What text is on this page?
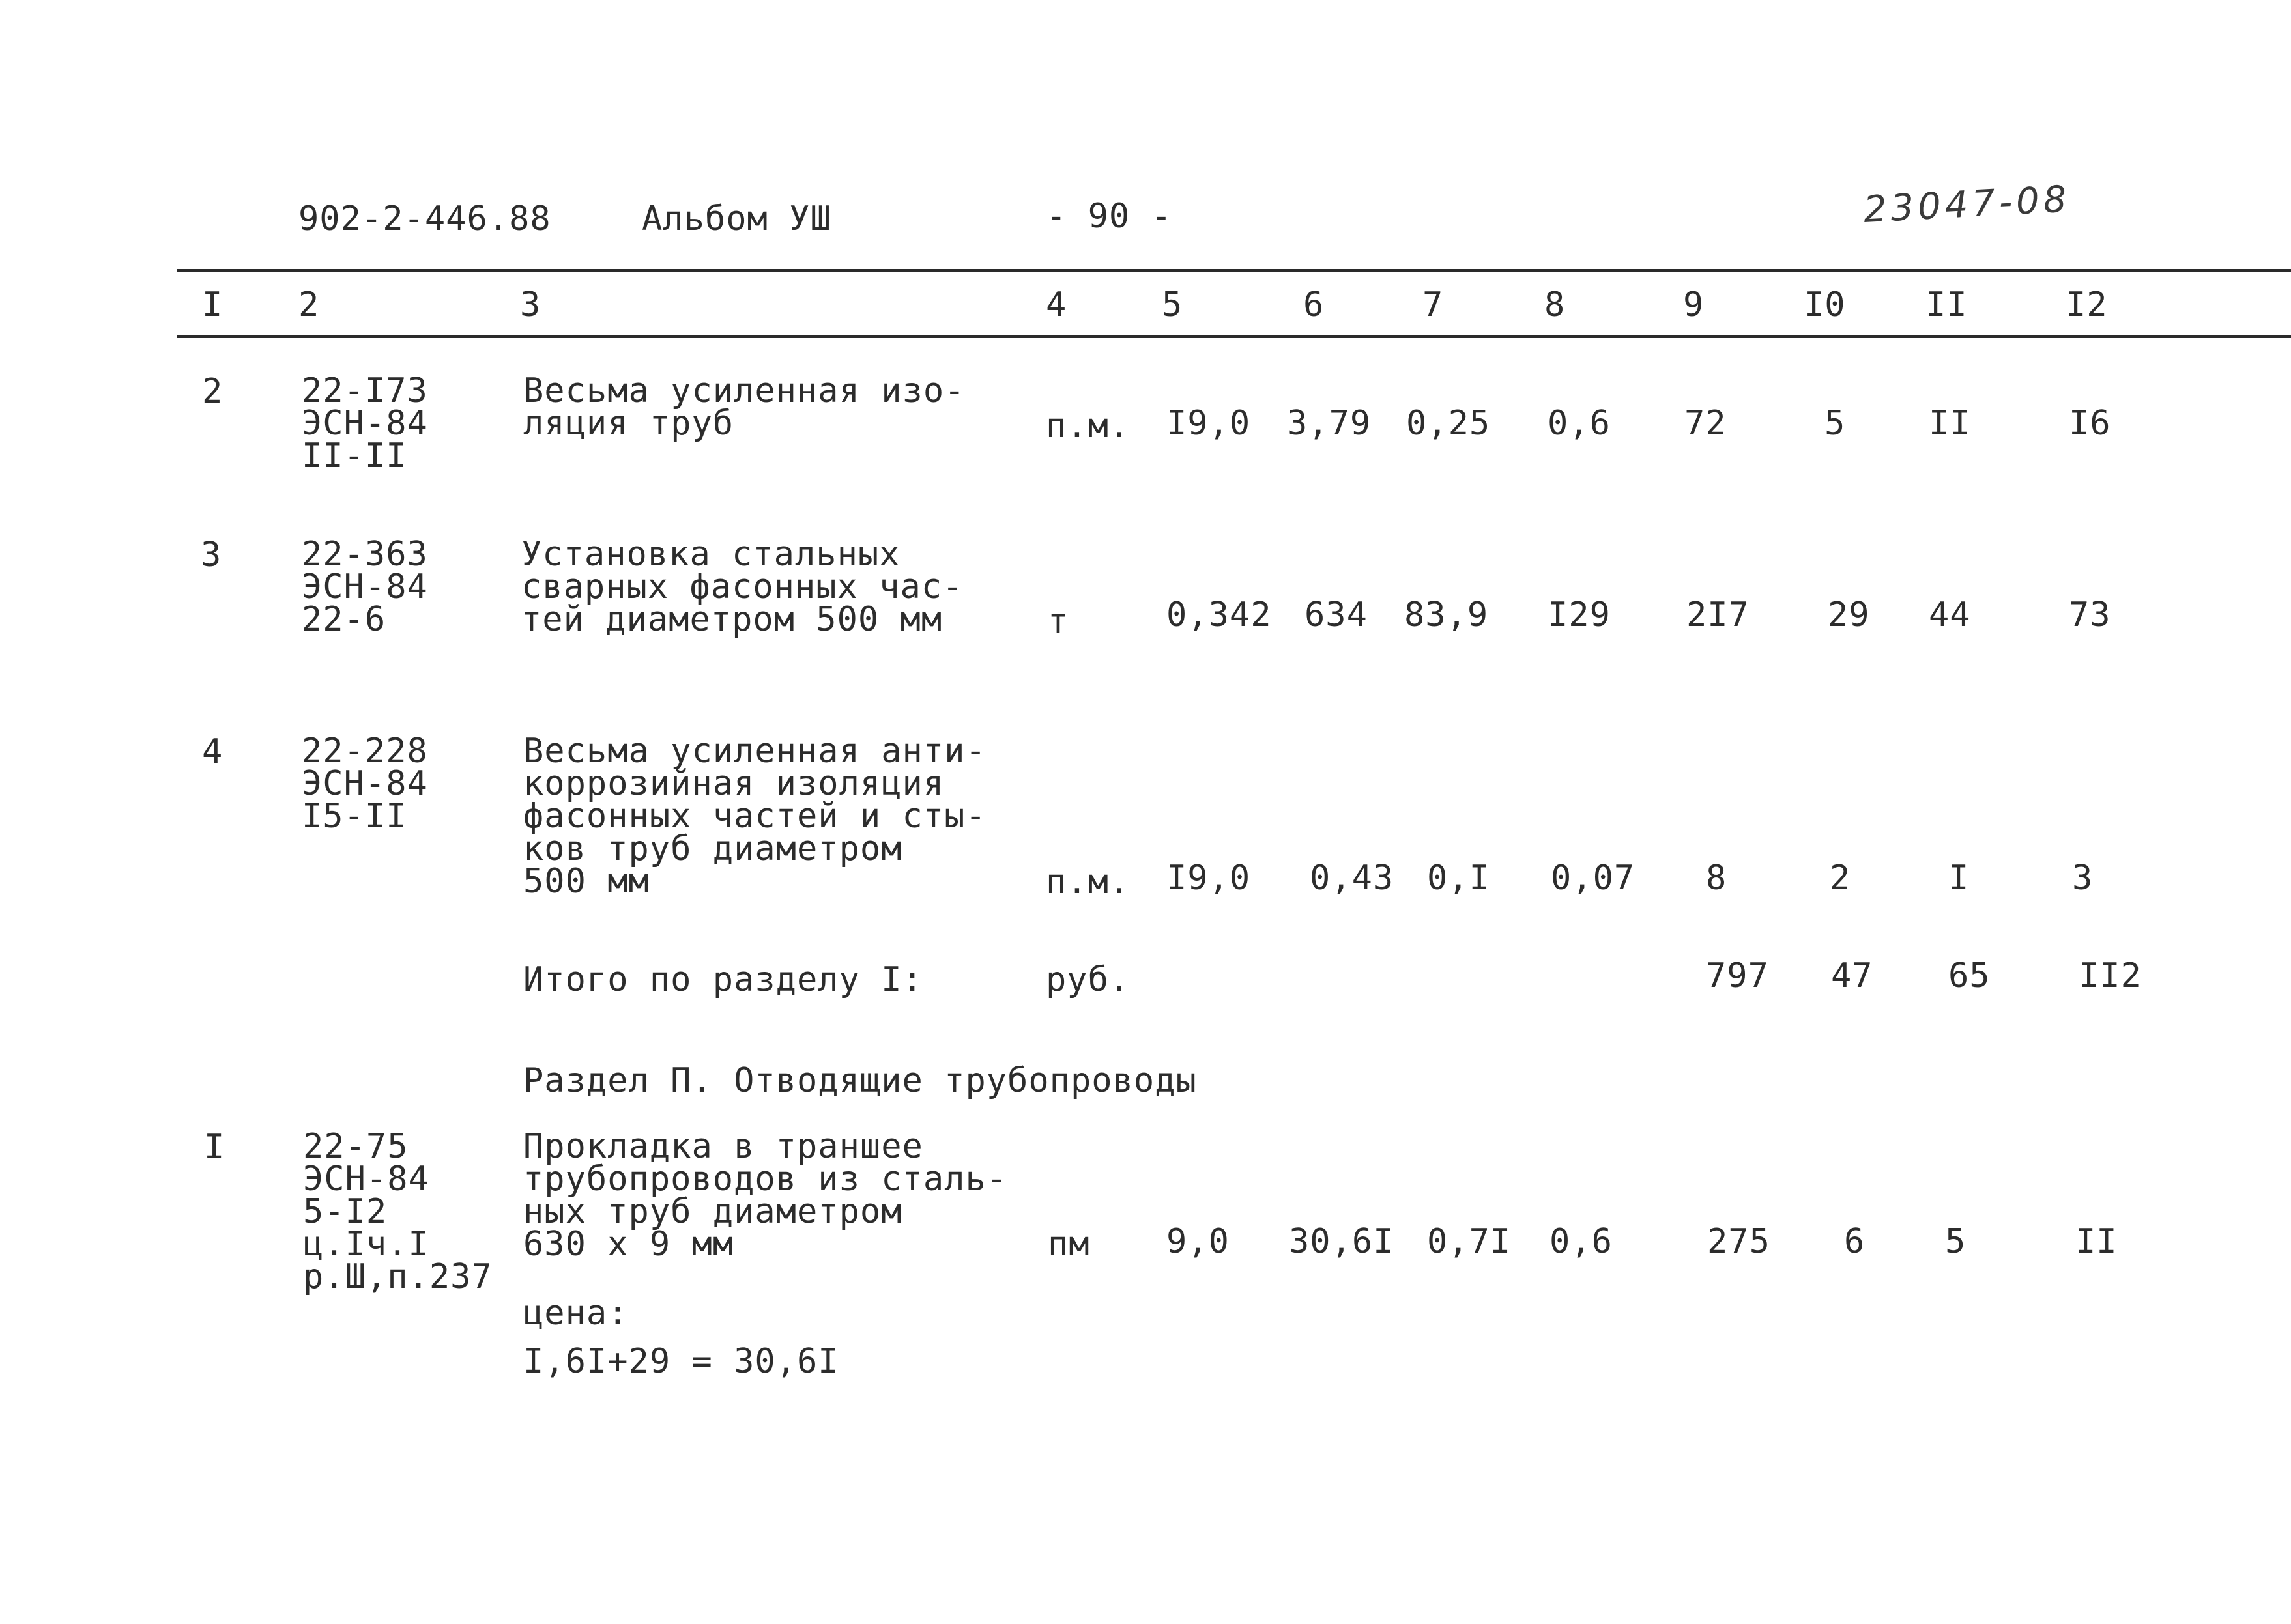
902-2-446.88	Альбом УШ	- 90 -	23047-08
I 2	3	4	5	6	7	8	9	I0 II	I2
2 22-I73
ЭСН-84
II-II
Весьма усиленная изо-
ляция труб	п.м. I9,0 3,79 0,25 0,6 72	5 II	I6
3 22-363
ЭСН-84
22-6
Установка стальных
сварных фасонных час-
тей диаметром 500 мм	т	0,342 634 83,9 I29 2I7 29 44	73
4 22-228
ЭСН-84
I5-II
Весьма усиленная анти-
коррозийная изоляция
фасонных частей и сты-
ков труб диаметром
500 мм	п.м. I9,0 0,43 0,I 0,07 8	2	I	3
Итого по разделу I:	руб.	797 47 65	II2
Раздел П. Отводящие трубопроводы
I 22-75
ЭСН-84
5-I2
ц.Iч.I
р.Ш,п.237
Прокладка в траншее
трубопроводов из сталь-
ных труб диаметром
630 х 9 мм	пм 9,0 30,6I 0,7I 0,6	275 6 5	II
цена:
I,6I+29 = 30,6I
